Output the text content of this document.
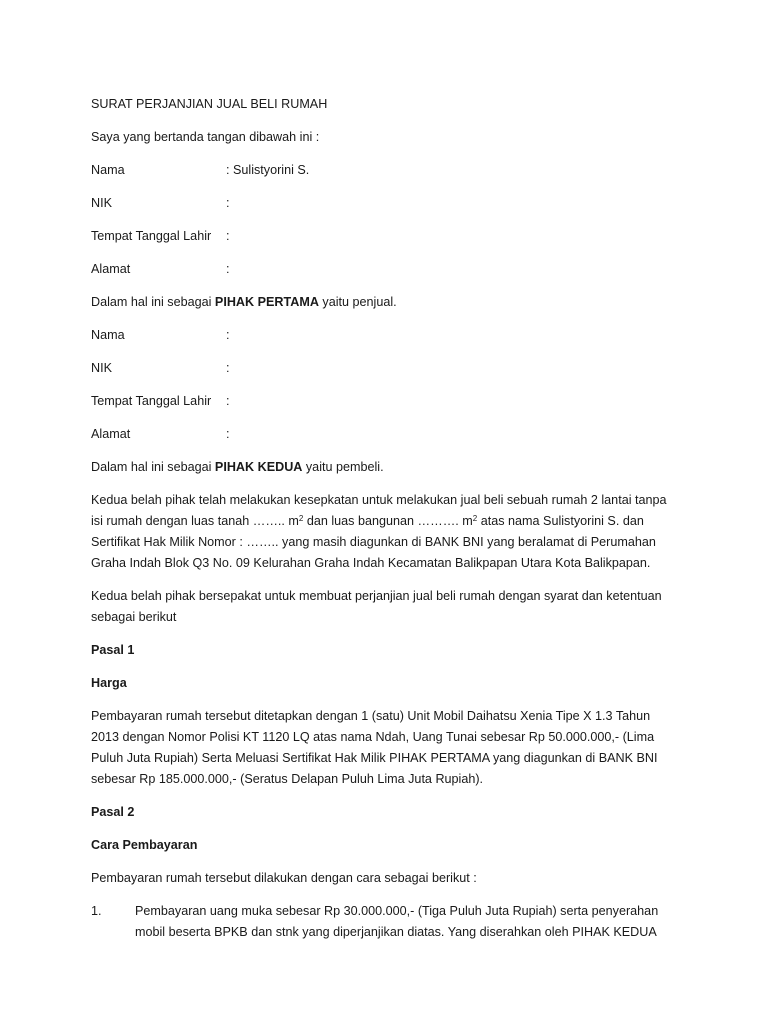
SURAT PERJANJIAN JUAL BELI RUMAH

Saya yang bertanda tangan dibawah ini :

Nama	: Sulistyorini S.
NIK	:
Tempat Tanggal Lahir	:
Alamat	:

Dalam hal ini sebagai PIHAK PERTAMA yaitu penjual.

Nama	:
NIK	:
Tempat Tanggal Lahir	:
Alamat	:

Dalam hal ini sebagai PIHAK KEDUA yaitu pembeli.

Kedua belah pihak telah melakukan kesepkatan untuk melakukan jual beli sebuah rumah 2 lantai tanpa isi rumah dengan luas tanah …….. $m^2$ dan luas bangunan ………. $m^2$ atas nama Sulistyorini S. dan Sertifikat Hak Milik Nomor : …….. yang masih diagunkan di BANK BNI yang beralamat di Perumahan Graha Indah Blok Q3 No. 09 Kelurahan Graha Indah Kecamatan Balikpapan Utara Kota Balikpapan.

Kedua belah pihak bersepakat untuk membuat perjanjian jual beli rumah dengan syarat dan ketentuan sebagai berikut

Pasal 1

Harga

Pembayaran rumah tersebut ditetapkan dengan 1 (satu) Unit Mobil Daihatsu Xenia Tipe X 1.3 Tahun 2013 dengan Nomor Polisi KT 1120 LQ atas nama Ndah, Uang Tunai sebesar Rp 50.000.000,- (Lima Puluh Juta Rupiah) Serta Meluasi Sertifikat Hak Milik PIHAK PERTAMA yang diagunkan di BANK BNI sebesar Rp 185.000.000,- (Seratus Delapan Puluh Lima Juta Rupiah).

Pasal 2

Cara Pembayaran

Pembayaran rumah tersebut dilakukan dengan cara sebagai berikut :

1.	Pembayaran uang muka sebesar Rp 30.000.000,- (Tiga Puluh Juta Rupiah) serta penyerahan mobil beserta BPKB dan stnk yang diperjanjikan diatas. Yang diserahkan oleh PIHAK KEDUA
